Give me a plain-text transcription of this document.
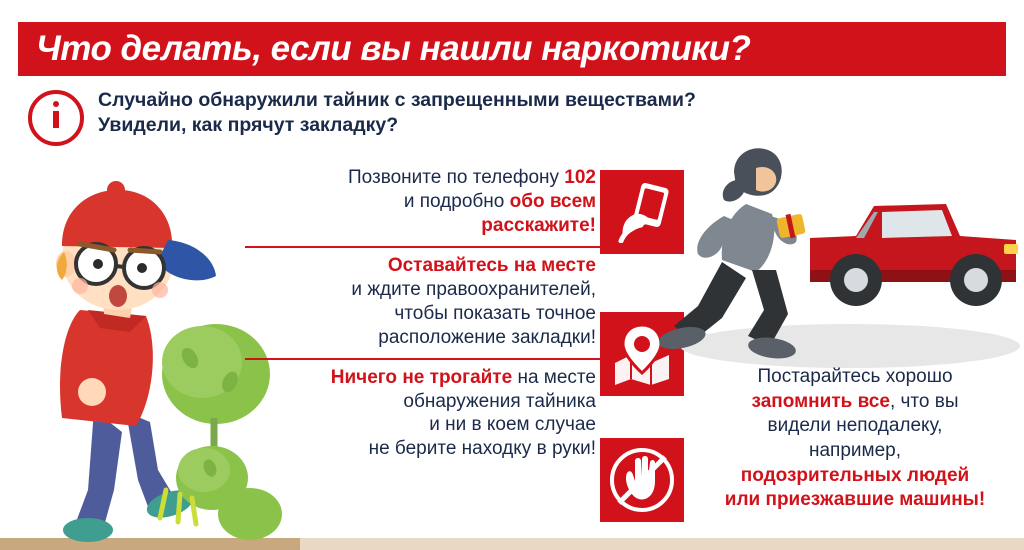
Что делать, если вы нашли наркотики?
Случайно обнаружили тайник с запрещенными веществами?
Увидели, как прячут закладку?
Позвоните по телефону 102
и подробно обо всем
расскажите!
Оставайтесь на месте
и ждите правоохранителей,
чтобы показать точное
расположение закладки!
Ничего не трогайте на месте
обнаружения тайника
и ни в коем случае
не берите находку в руки!
Постарайтесь хорошо
запомнить все, что вы
видели неподалеку,
например,
подозрительных людей
или приезжавшие машины!
